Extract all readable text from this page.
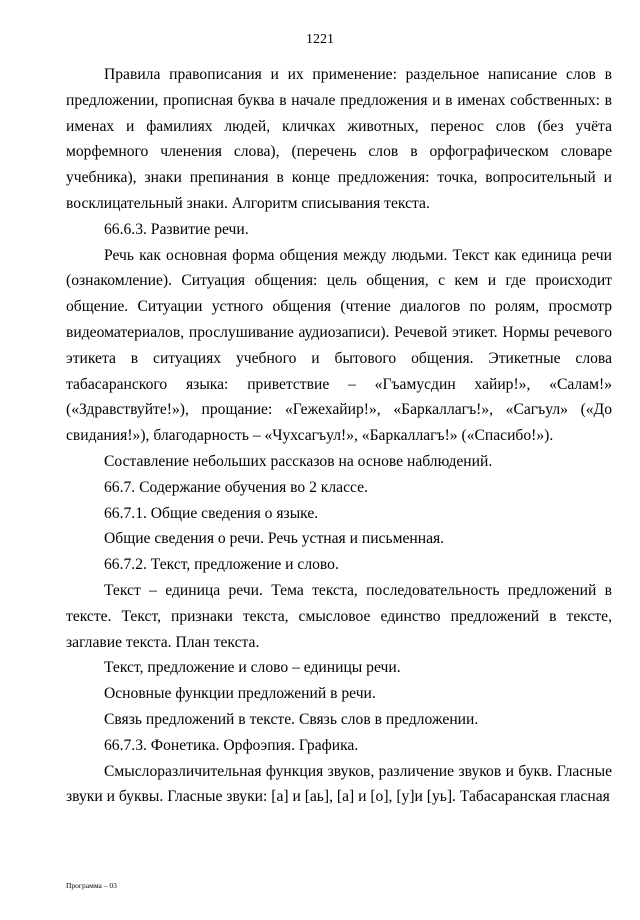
1221

Правила правописания и их применение: раздельное написание слов в предложении, прописная буква в начале предложения и в именах собственных: в именах и фамилиях людей, кличках животных, перенос слов (без учёта морфемного членения слова), (перечень слов в орфографическом словаре учебника), знаки препинания в конце предложения: точка, вопросительный и восклицательный знаки. Алгоритм списывания текста.

66.6.3. Развитие речи.

Речь как основная форма общения между людьми. Текст как единица речи (ознакомление). Ситуация общения: цель общения, с кем и где происходит общение. Ситуации устного общения (чтение диалогов по ролям, просмотр видеоматериалов, прослушивание аудиозаписи). Речевой этикет. Нормы речевого этикета в ситуациях учебного и бытового общения. Этикетные слова табасаранского языка: приветствие – «Гъамусдин хайир!», «Салам!» («Здравствуйте!»), прощание: «Гежехайир!», «Баркаллагъ!», «Сагъул» («До свидания!»), благодарность – «Чухсагъул!», «Баркаллагъ!» («Спасибо!»).

Составление небольших рассказов на основе наблюдений.

66.7. Содержание обучения во 2 классе.

66.7.1. Общие сведения о языке.

Общие сведения о речи. Речь устная и письменная.

66.7.2. Текст, предложение и слово.

Текст – единица речи. Тема текста, последовательность предложений в тексте. Текст, признаки текста, смысловое единство предложений в тексте, заглавие текста. План текста.

Текст, предложение и слово – единицы речи.

Основные функции предложений в речи.

Связь предложений в тексте. Связь слов в предложении.

66.7.3. Фонетика. Орфоэпия. Графика.

Смыслоразличительная функция звуков, различение звуков и букв. Гласные звуки и буквы. Гласные звуки: [а] и [аь], [а] и [о], [у]и [уь]. Табасаранская гласная

Программа – 03
